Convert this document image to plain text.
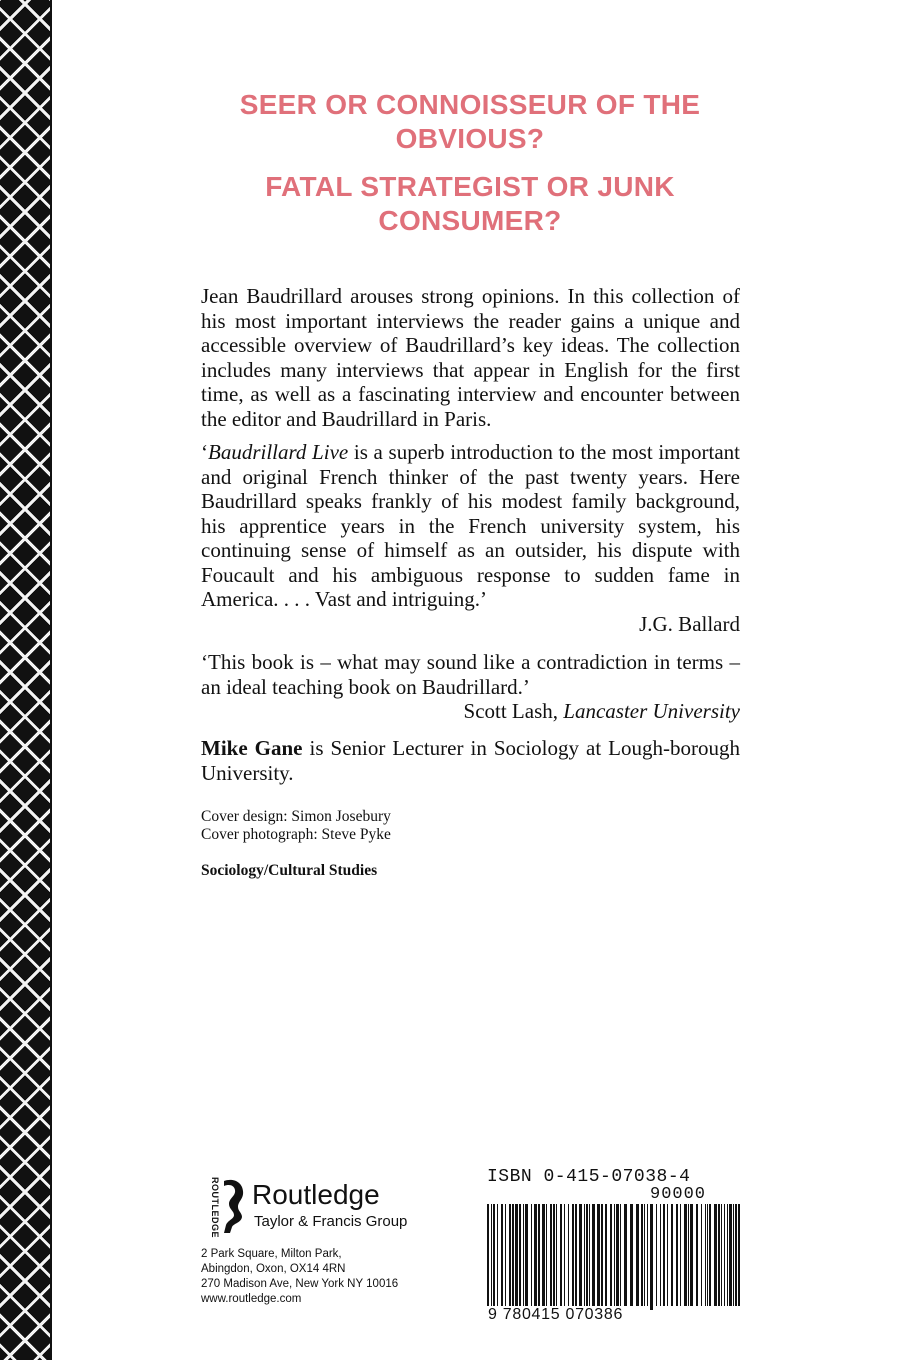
SEER OR CONNOISSEUR OF THE OBVIOUS?
FATAL STRATEGIST OR JUNK CONSUMER?

Jean Baudrillard arouses strong opinions. In this collection of his most important interviews the reader gains a unique and accessible overview of Baudrillard’s key ideas. The collection includes many interviews that appear in English for the first time, as well as a fascinating interview and encounter between the editor and Baudrillard in Paris.

‘Baudrillard Live is a superb introduction to the most important and original French thinker of the past twenty years. Here Baudrillard speaks frankly of his modest family background, his apprentice years in the French university system, his continuing sense of himself as an outsider, his dispute with Foucault and his ambiguous response to sudden fame in America. . . . Vast and intriguing.’

J.G. Ballard

‘This book is – what may sound like a contradiction in terms – an ideal teaching book on Baudrillard.’

Scott Lash, Lancaster University

Mike Gane is Senior Lecturer in Sociology at Lough-borough University.

Cover design: Simon Josebury
Cover photograph: Steve Pyke
Sociology/Cultural Studies
ROUTLEDGE Routledge
Taylor & Francis Group
2 Park Square, Milton Park,
Abingdon, Oxon, OX14 4RN
270 Madison Ave, New York NY 10016
www.routledge.com
ISBN 0-415-07038-4
90000
9 780415 070386
